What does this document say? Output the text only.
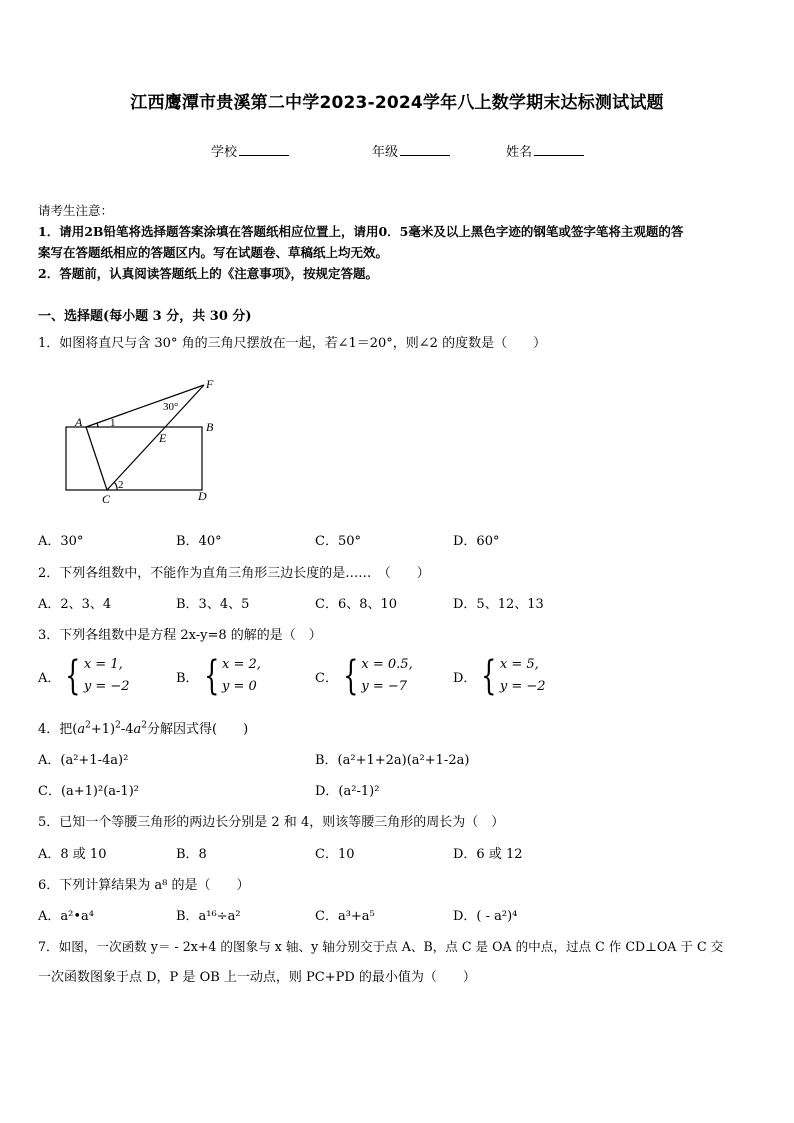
江西鹰潭市贵溪第二中学2023-2024学年八上数学期末达标测试试题
学校	年级	姓名
请考生注意：
1．请用2B铅笔将选择题答案涂填在答题纸相应位置上，请用0．5毫米及以上黑色字迹的钢笔或签字笔将主观题的答
案写在答题纸相应的答题区内。写在试题卷、草稿纸上均无效。
2．答题前，认真阅读答题纸上的《注意事项》，按规定答题。
一、选择题(每小题 3 分，共 30 分)
1．如图将直尺与含 30° 角的三角尺摆放在一起，若∠1＝20°，则∠2 的度数是（　　）
A	B
C	D
E
F
1
2
30°
A．30°	B．40°	C．50°	D．60°
2．下列各组数中，不能作为直角三角形三边长度的是……　（　　）
A．2、3、4	B．3、4、5	C．6、8、10	D．5、12、13
3．下列各组数中是方程 2x-y=8 的解的是（　）
A． { x = 1,
y = −2
B． { x = 2,
y = 0
C． { x = 0.5,
y = −7
D． { x = 5,
y = −2
4．把$(a^2+1)^2-4a^2$分解因式得(　　)
A．(a²+1-4a)²	B．(a²+1+2a)(a²+1-2a)
C．(a+1)²(a-1)²	D．(a²-1)²
5．已知一个等腰三角形的两边长分别是 2 和 4，则该等腰三角形的周长为（　）
A．8 或 10	B．8	C．10	D．6 或 12
6．下列计算结果为 a⁸ 的是（　　）
A．a²•a⁴	B．a¹⁶÷a²	C．a³+a⁵	D．( - a²)⁴
7．如图，一次函数 y＝ - 2x+4 的图象与 x 轴、y 轴分别交于点 A、B，点 C 是 OA 的中点，过点 C 作 CD⊥OA 于 C 交
一次函数图象于点 D，P 是 OB 上一动点，则 PC+PD 的最小值为（　　）
